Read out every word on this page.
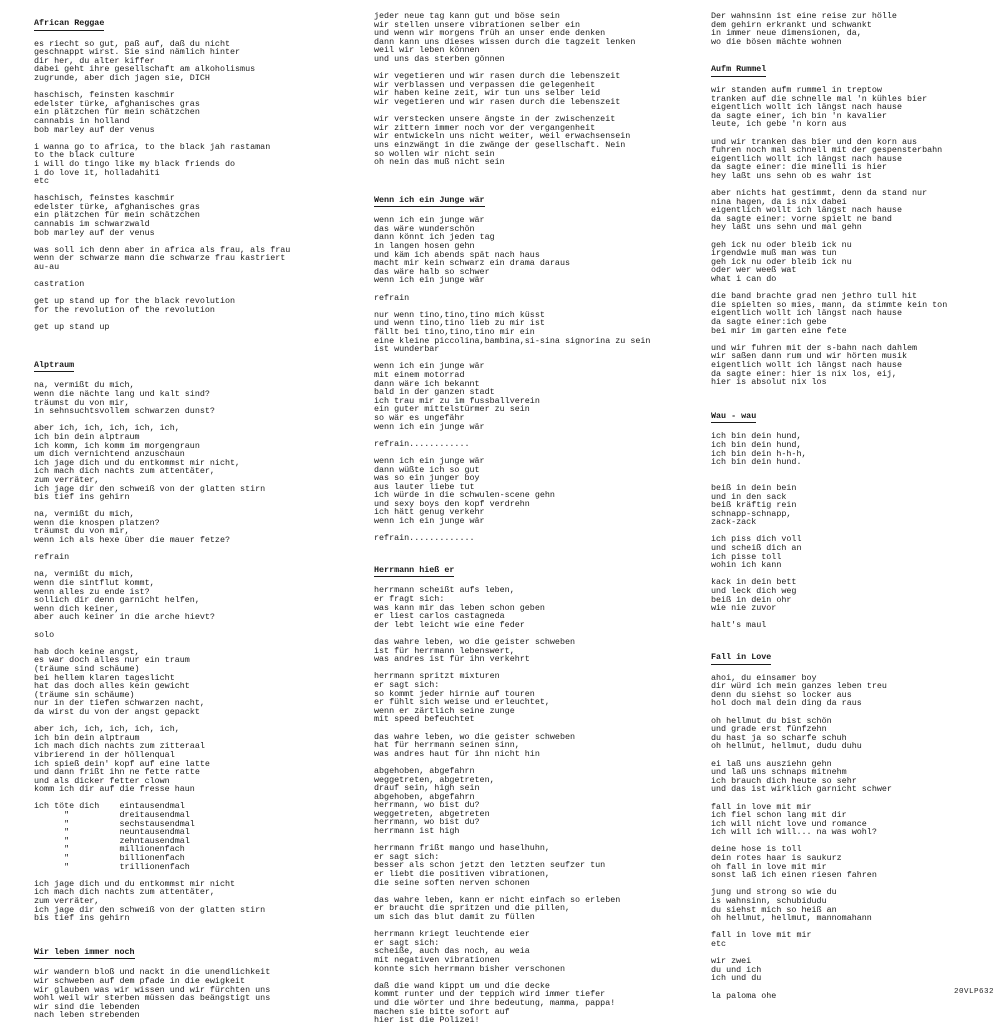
African Reggae

es riecht so gut, paß auf, daß du nicht
geschnappt wirst. Sie sind nämlich hinter
dir her, du alter kiffer
dabei geht ihre gesellschaft am alkoholismus
zugrunde, aber dich jagen sie, DICH
haschisch, feinsten kaschmir
edelster türke, afghanisches gras
ein plätzchen für mein schätzchen
cannabis in holland
bob marley auf der venus
i wanna go to africa, to the black jah rastaman
to the black culture
i will do tingo like my black friends do
i do love it, holladahiti
etc
haschisch, feinstes kaschmir
edelster türke, afghanisches gras
ein plätzchen für mein schätzchen
cannabis im schwarzwald
bob marley auf der venus
was soll ich denn aber in africa als frau, als frau
wenn der schwarze mann die schwarze frau kastriert
au-au
castration
get up stand up for the black revolution
for the revolution of the revolution
get up stand up
Alptraum

na, vermißt du mich,
wenn die nächte lang und kalt sind?
träumst du von mir,
in sehnsuchtsvollem schwarzen dunst?
aber ich, ich, ich, ich, ich,
ich bin dein alptraum
ich komm, ich komm im morgengraun
um dich vernichtend anzuschaun
ich jage dich und du entkommst mir nicht,
ich mach dich nachts zum attentäter,
zum verräter,
ich jage dir den schweiß von der glatten stirn
bis tief ins gehirn
na, vermißt du mich,
wenn die knospen platzen?
träumst du von mir,
wenn ich als hexe über die mauer fetze?
refrain
na, vermißt du mich,
wenn die sintflut kommt,
wenn alles zu ende ist?
sollich dir denn garnicht helfen,
wenn dich keiner,
aber auch keiner in die arche hievt?
solo
hab doch keine angst,
es war doch alles nur ein traum
(träume sind schäume)
bei hellem klaren tageslicht
hat das doch alles kein gewicht
(träume sin schäume)
nur in der tiefen schwarzen nacht,
da wirst du von der angst gepackt
aber ich, ich, ich, ich, ich,
ich bin dein alptraum
ich mach dich nachts zum zitteraal
vibrierend in der höllenqual
ich spieß dein' kopf auf eine latte
und dann frißt ihn ne fette ratte
und als dicker fetter clown
komm ich dir auf die fresse haun
ich töte dich    eintausendmal
"          dreitausendmal
"          sechstausendmal
"          neuntausendmal
"          zehntausendmal
"          millionenfach
"          billionenfach
"          trillionenfach
ich jage dich und du entkommst mir nicht
ich mach dich nachts zum attentäter,
zum verräter,
ich jage dir den schweiß von der glatten stirn
bis tief ins gehirn
Wir leben immer noch

wir wandern bloß und nackt in die unendlichkeit
wir schweben auf dem pfade in die ewigkeit
wir glauben was wir wissen und wir fürchten uns
wohl weil wir sterben müssen das beängstigt uns
wir sind die lebenden
nach leben strebenden
jeder neue tag kann gut und böse sein
wir stellen unsere vibrationen selber ein
und wenn wir morgens früh an unser ende denken
dann kann uns dieses wissen durch die tagzeit lenken
weil wir leben können
und uns das sterben gönnen
wir vegetieren und wir rasen durch die lebenszeit
wir verblassen und verpassen die gelegenheit
wir haben keine zeit, wir tun uns selber leid
wir vegetieren und wir rasen durch die lebenszeit
wir verstecken unsere ängste in der zwischenzeit
wir zittern immer noch vor der vergangenheit
wir entwickeln uns nicht weiter, weil erwachsensein
uns einzwängt in die zwänge der gesellschaft. Nein
so wollen wir nicht sein
oh nein das muß nicht sein
Wenn ich ein Junge wär

wenn ich ein junge wär
das wäre wunderschön
dann könnt ich jeden tag
in langen hosen gehn
und käm ich abends spät nach haus
macht mir kein schwarz ein drama daraus
das wäre halb so schwer
wenn ich ein junge wär
refrain
nur wenn tino,tino,tino mich küsst
und wenn tino,tino lieb zu mir ist
fällt bei tino,tino,tino mir ein
eine kleine piccolina,bambina,si-sina signorina zu sein
ist wunderbar
wenn ich ein junge wär
mit einem motorrad
dann wäre ich bekannt
bald in der ganzen stadt
ich trau mir zu im fussballverein
ein guter mittelstürmer zu sein
so wär es ungefähr
wenn ich ein junge wär
refrain............
wenn ich ein junge wär
dann wüßte ich so gut
was so ein junger boy
aus lauter liebe tut
ich würde in die schwulen-scene gehn
und sexy boys den kopf verdrehn
ich hätt genug verkehr
wenn ich ein junge wär
refrain.............
Herrmann hieß er

herrmann scheißt aufs leben,
er fragt sich:
was kann mir das leben schon geben
er liest carlos castagneda
der lebt leicht wie eine feder
das wahre leben, wo die geister schweben
ist für herrmann lebenswert,
was andres ist für ihn verkehrt
herrmann spritzt mixturen
er sagt sich:
so kommt jeder hirnie auf touren
er fühlt sich weise und erleuchtet,
wenn er zärtlich seine zunge
mit speed befeuchtet
das wahre leben, wo die geister schweben
hat für herrmann seinen sinn,
was andres haut für ihn nicht hin
abgehoben, abgefahrn
weggetreten, abgetreten,
drauf sein, high sein
abgehoben, abgefahrn
herrmann, wo bist du?
weggetreten, abgetreten
herrmann, wo bist du?
herrmann ist high
herrmann frißt mango und haselhuhn,
er sagt sich:
besser als schon jetzt den letzten seufzer tun
er liebt die positiven vibrationen,
die seine soften nerven schonen
das wahre leben, kann er nicht einfach so erleben
er braucht die spritzen und die pillen,
um sich das blut damit zu füllen
herrmann kriegt leuchtende eier
er sagt sich:
scheiße, auch das noch, au weia
mit negativen vibrationen
konnte sich herrmann bisher verschonen
daß die wand kippt um und die decke
kommt runter und der teppich wird immer tiefer
und die wörter und ihre bedeutung, mamma, pappa!
machen sie bitte sofort auf
hier ist die Polizei!
Der wahnsinn ist eine reise zur hölle
dem gehirn erkrankt und schwankt
in immer neue dimensionen, da,
wo die bösen mächte wohnen
Aufm Rummel

wir standen aufm rummel in treptow
tranken auf die schnelle mal 'n kühles bier
eigentlich wollt ich längst nach hause
da sagte einer, ich bin 'n kavalier
leute, ich gebe 'n korn aus
und wir tranken das bier und den korn aus
fuhren noch mal schnell mit der gespensterbahn
eigentlich wollt ich längst nach hause
da sagte einer: die minelli is hier
hey laßt uns sehn ob es wahr ist
aber nichts hat gestimmt, denn da stand nur
nina hagen, da is nix dabei
eigentlich wollt ich längst nach hause
da sagte einer: vorne spielt ne band
hey laßt uns sehn und mal gehn
geh ick nu oder bleib ick nu
irgendwie muß man was tun
geh ick nu oder bleib ick nu
oder wer weeß wat
what i can do
die band brachte grad nen jethro tull hit
die spielten so mies, mann, da stimmte kein ton
eigentlich wollt ich längst nach hause
da sagte einer:ich gebe
bei mir im garten eine fete
und wir fuhren mit der s-bahn nach dahlem
wir saßen dann rum und wir hörten musik
eigentlich wollt ich längst nach hause
da sagte einer: hier is nix los, eij,
hier is absolut nix los
Wau - wau

ich bin dein hund,
ich bin dein hund,
ich bin dein h-h-h,
ich bin dein hund.
beiß in dein bein
und in den sack
beiß kräftig rein
schnapp-schnapp,
zack-zack
ich piss dich voll
und scheiß dich an
ich pisse toll
wohin ich kann
kack in dein bett
und leck dich weg
beiß in dein ohr
wie nie zuvor
halt's maul
Fall in Love

ahoi, du einsamer boy
dir würd ich mein ganzes leben treu
denn du siehst so locker aus
hol doch mal dein ding da raus
oh hellmut du bist schön
und grade erst fünfzehn
du hast ja so scharfe schuh
oh hellmut, hellmut, dudu duhu
ei laß uns ausziehn gehn
und laß uns schnaps mitnehm
ich brauch dich heute so sehr
und das ist wirklich garnicht schwer
fall in love mit mir
ich fiel schon lang mit dir
ich will nicht love und romance
ich will ich will... na was wohl?
deine hose is toll
dein rotes haar is saukurz
oh fall in love mit mir
sonst laß ich einen riesen fahren
jung und strong so wie du
is wahnsinn, schubidudu
du siehst mich so heiß an
oh hellmut, hellmut, mannomahann
fall in love mit mir
etc
wir zwei
du und ich
ich und du
la paloma ohe	20VLP632
